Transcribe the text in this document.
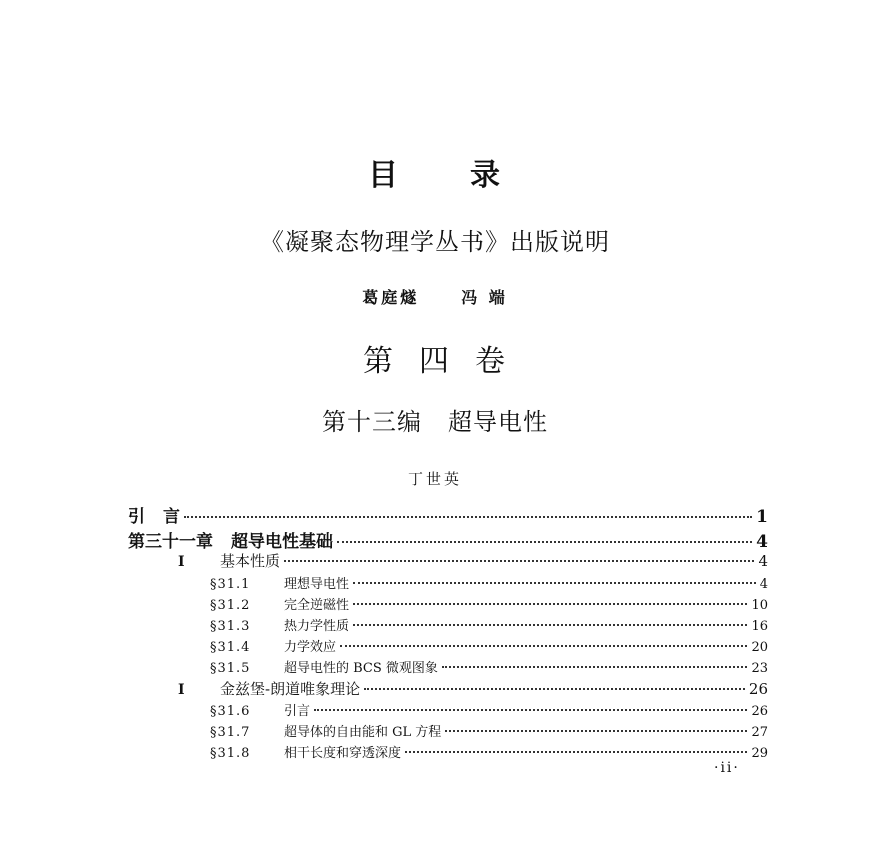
目 录
《凝聚态物理学丛书》出版说明
葛庭燧	冯 端
第 四 卷
第十三编 超导电性
丁世英
引 言	1
第三十一章 超导电性基础	4
I 基本性质	4
§31.1	理想导电性	4
§31.2	完全逆磁性	10
§31.3	热力学性质	16
§31.4	力学效应	20
§31.5	超导电性的 BCS 微观图象	23
I 金兹堡-朗道唯象理论	26
§31.6	引言	26
§31.7	超导体的自由能和 GL 方程	27
§31.8	相干长度和穿透深度	29
·ii·
